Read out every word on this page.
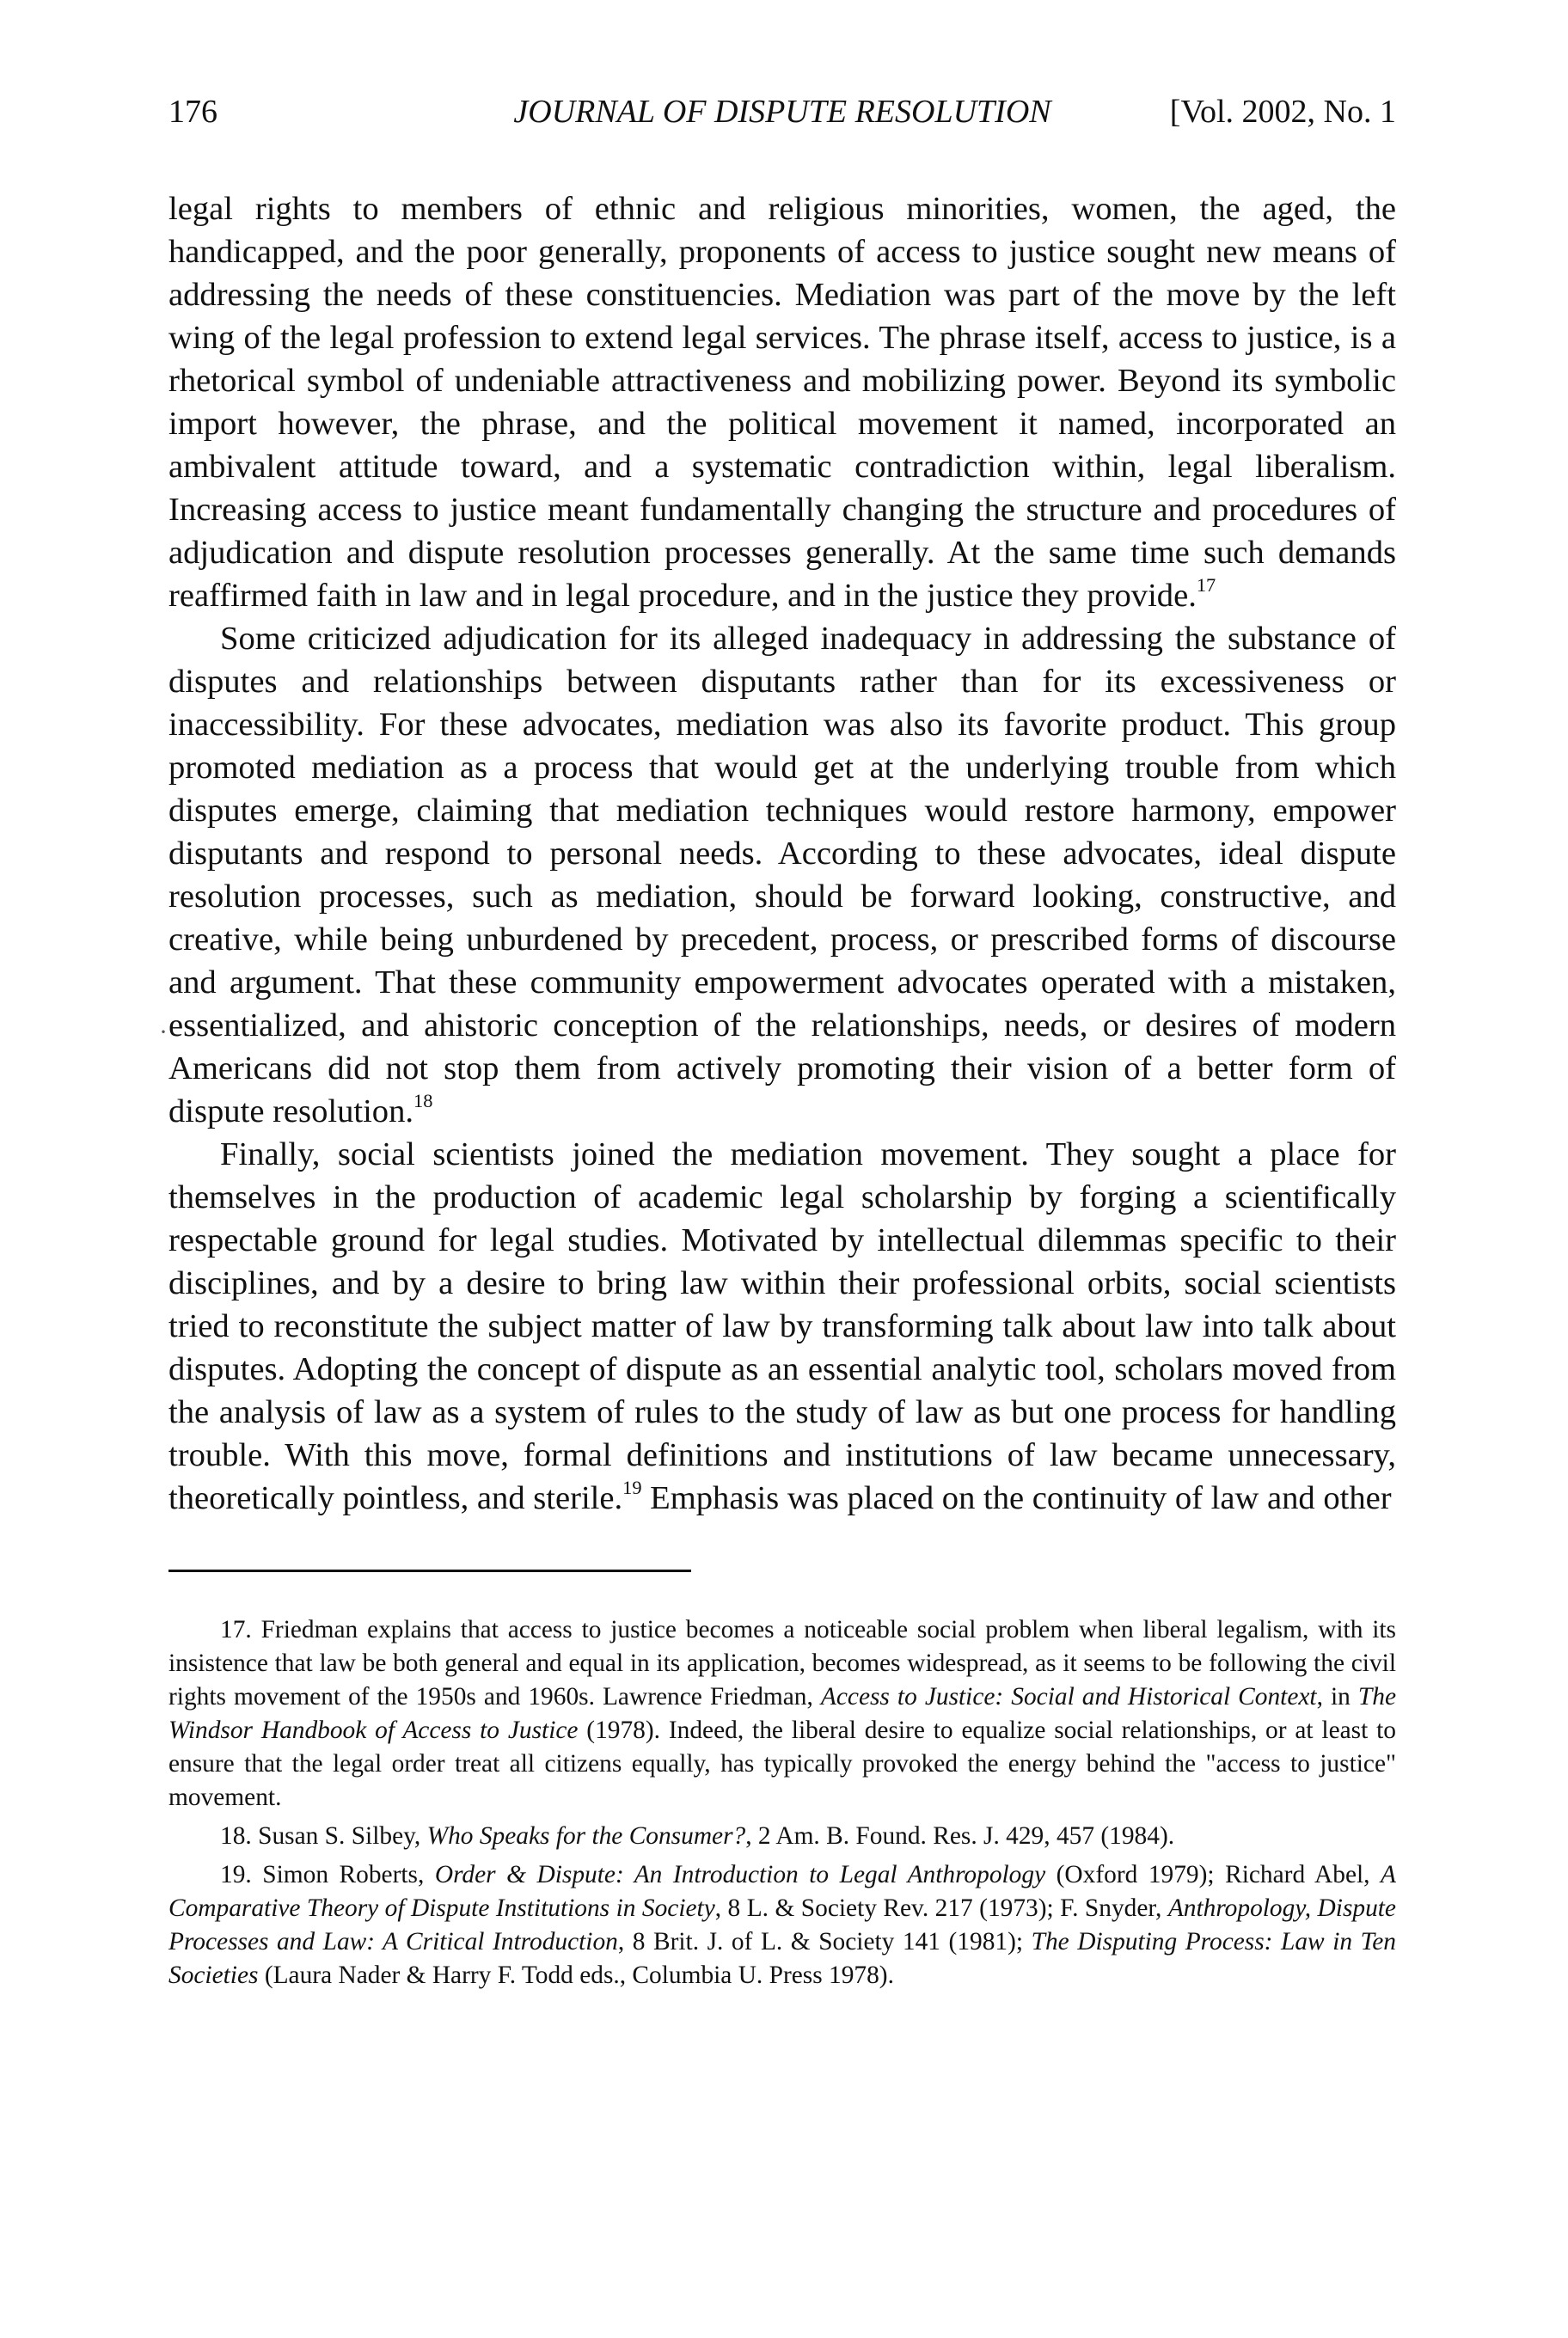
176	JOURNAL OF DISPUTE RESOLUTION	[Vol. 2002, No. 1

legal rights to members of ethnic and religious minorities, women, the aged, the handicapped, and the poor generally, proponents of access to justice sought new means of addressing the needs of these constituencies. Mediation was part of the move by the left wing of the legal profession to extend legal services. The phrase itself, access to justice, is a rhetorical symbol of undeniable attractiveness and mobilizing power. Beyond its symbolic import however, the phrase, and the political movement it named, incorporated an ambivalent attitude toward, and a systematic contradiction within, legal liberalism. Increasing access to justice meant fundamentally changing the structure and procedures of adjudication and dispute resolution processes generally. At the same time such demands reaffirmed faith in law and in legal procedure, and in the justice they provide.$^{17}$

Some criticized adjudication for its alleged inadequacy in addressing the substance of disputes and relationships between disputants rather than for its excessiveness or inaccessibility. For these advocates, mediation was also its favorite product. This group promoted mediation as a process that would get at the underlying trouble from which disputes emerge, claiming that mediation techniques would restore harmony, empower disputants and respond to personal needs. According to these advocates, ideal dispute resolution processes, such as mediation, should be forward looking, constructive, and creative, while being unburdened by precedent, process, or prescribed forms of discourse and argument. That these community empowerment advocates operated with a mistaken, essentialized, and ahistoric conception of the relationships, needs, or desires of modern Americans did not stop them from actively promoting their vision of a better form of dispute resolution.$^{18}$

Finally, social scientists joined the mediation movement. They sought a place for themselves in the production of academic legal scholarship by forging a scientifically respectable ground for legal studies. Motivated by intellectual dilemmas specific to their disciplines, and by a desire to bring law within their professional orbits, social scientists tried to reconstitute the subject matter of law by transforming talk about law into talk about disputes. Adopting the concept of dispute as an essential analytic tool, scholars moved from the analysis of law as a system of rules to the study of law as but one process for handling trouble. With this move, formal definitions and institutions of law became unnecessary, theoretically pointless, and sterile.$^{19}$ Emphasis was placed on the continuity of law and other

17. Friedman explains that access to justice becomes a noticeable social problem when liberal legalism, with its insistence that law be both general and equal in its application, becomes widespread, as it seems to be following the civil rights movement of the 1950s and 1960s. Lawrence Friedman, Access to Justice: Social and Historical Context, in The Windsor Handbook of Access to Justice (1978). Indeed, the liberal desire to equalize social relationships, or at least to ensure that the legal order treat all citizens equally, has typically provoked the energy behind the "access to justice" movement.

18. Susan S. Silbey, Who Speaks for the Consumer?, 2 Am. B. Found. Res. J. 429, 457 (1984).

19. Simon Roberts, Order & Dispute: An Introduction to Legal Anthropology (Oxford 1979); Richard Abel, A Comparative Theory of Dispute Institutions in Society, 8 L. & Society Rev. 217 (1973); F. Snyder, Anthropology, Dispute Processes and Law: A Critical Introduction, 8 Brit. J. of L. & Society 141 (1981); The Disputing Process: Law in Ten Societies (Laura Nader & Harry F. Todd eds., Columbia U. Press 1978).

·
